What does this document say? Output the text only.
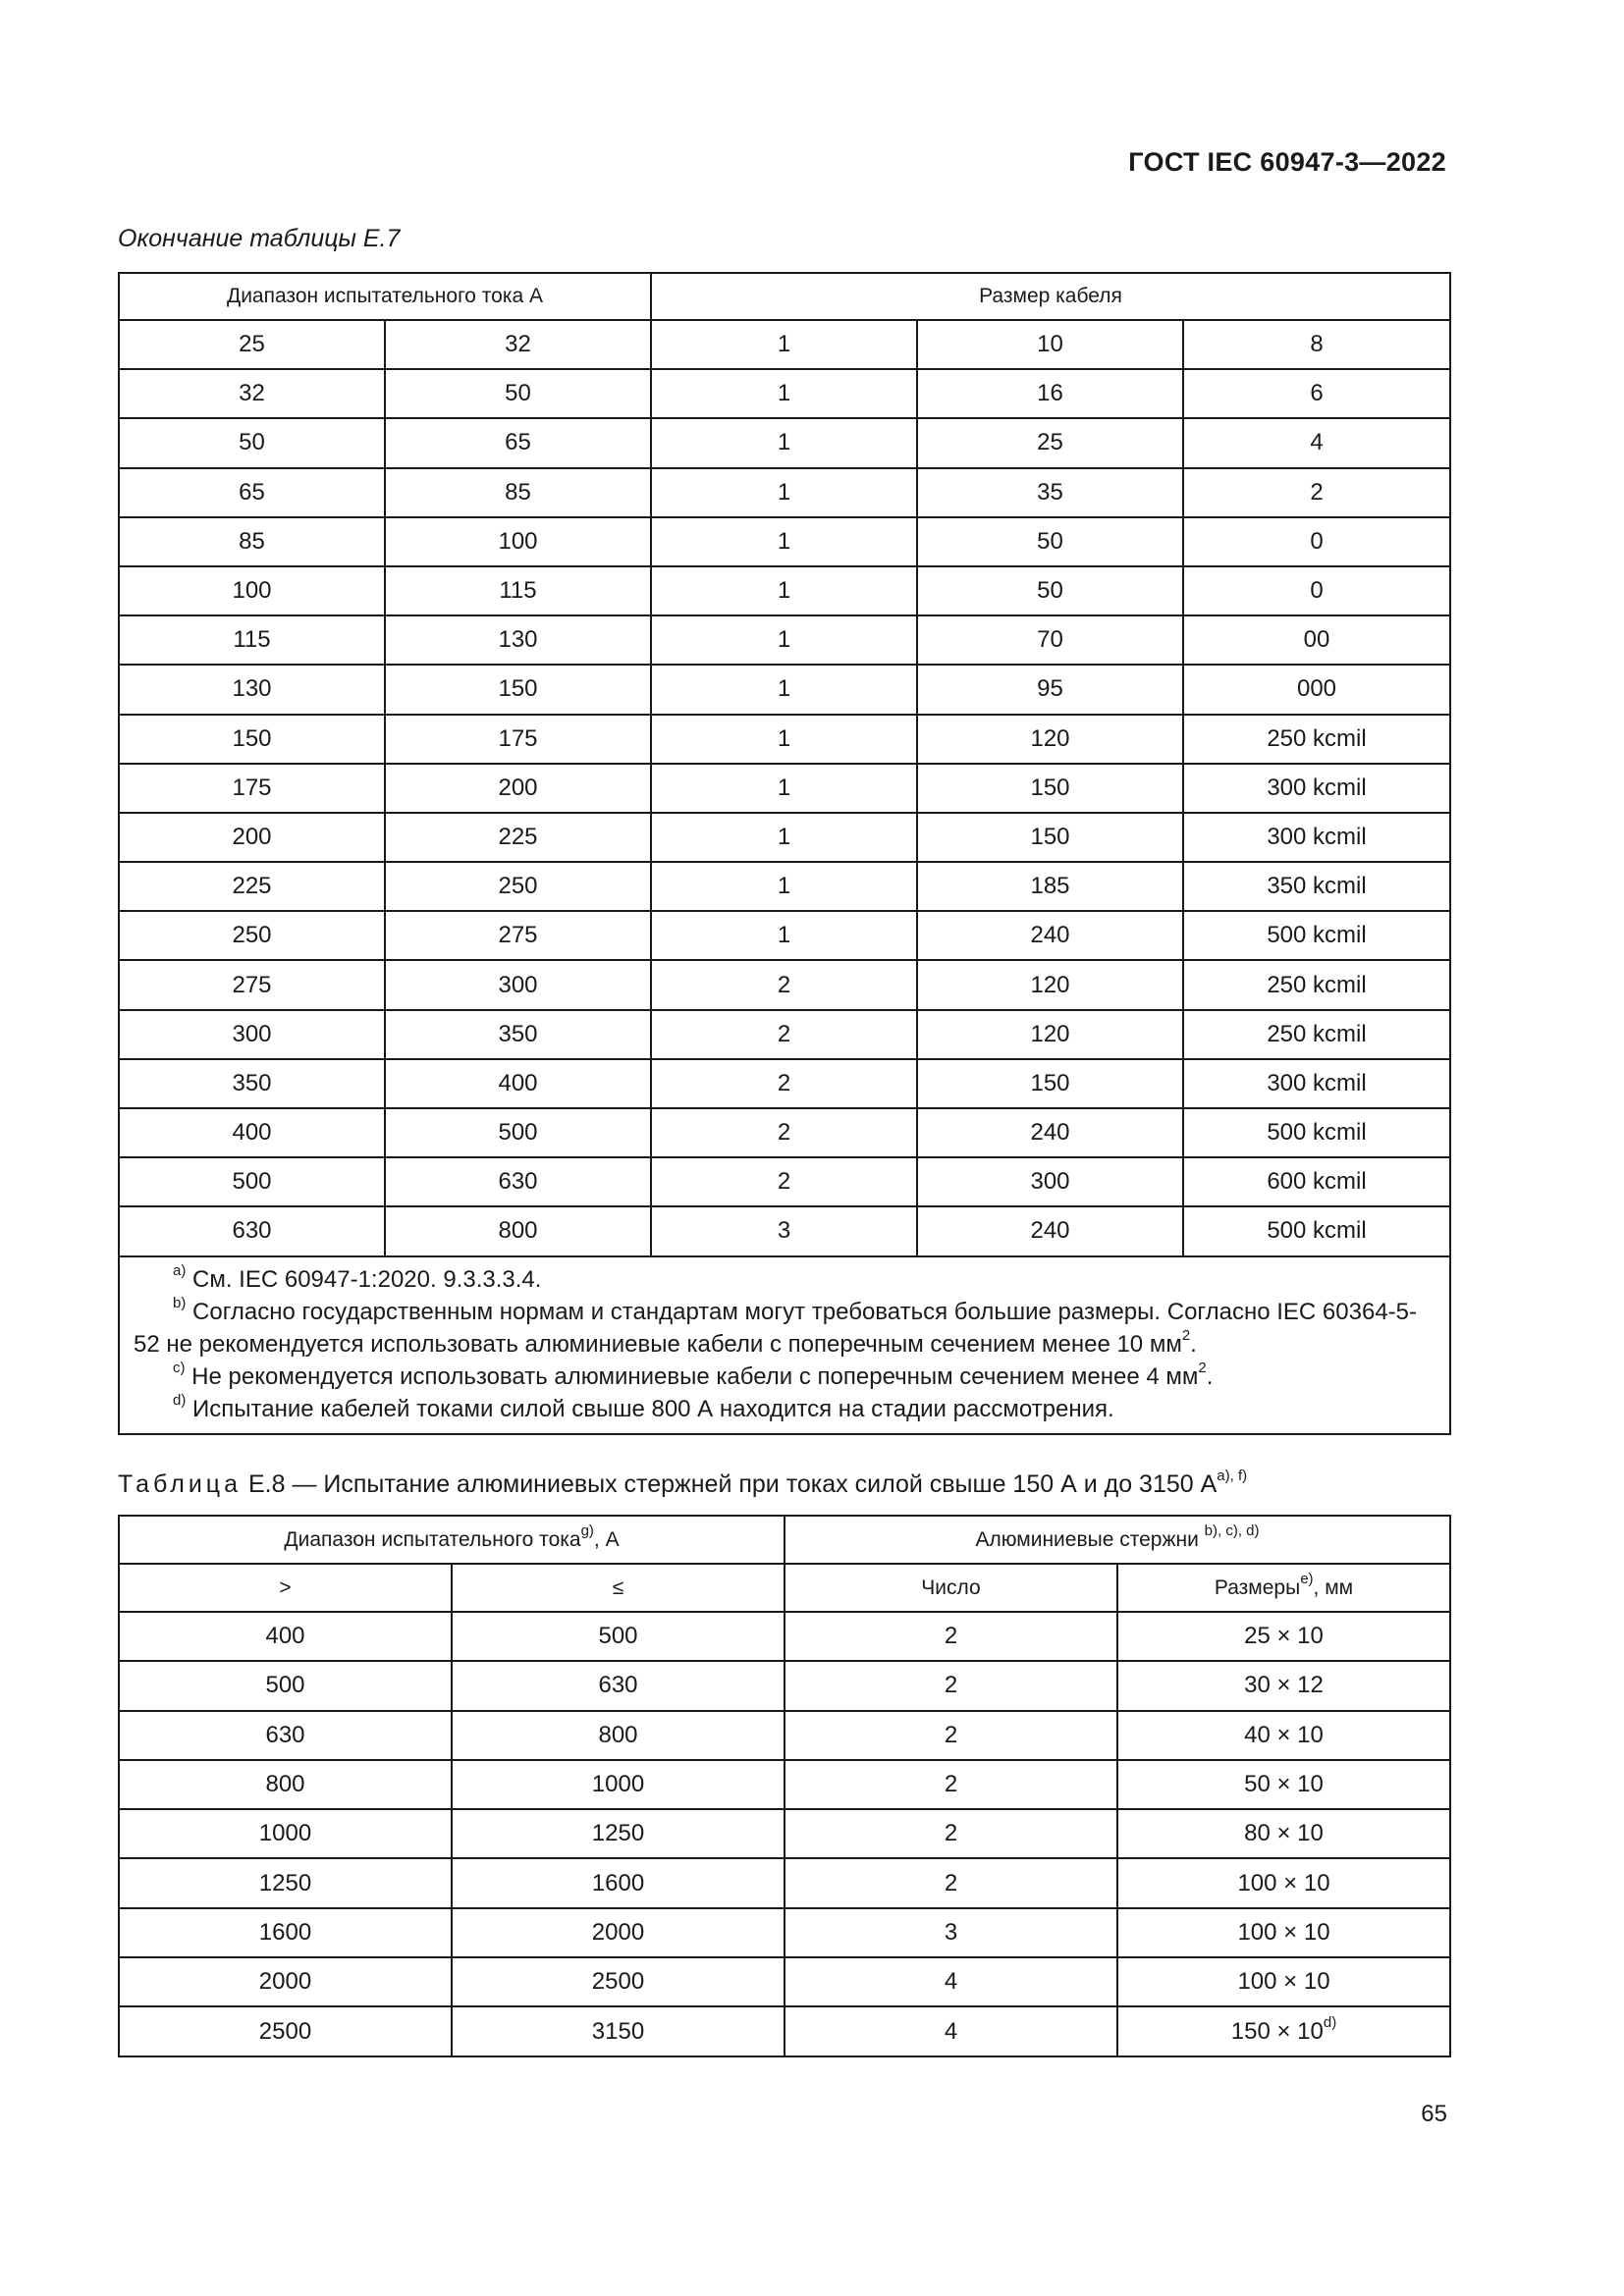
ГОСТ IEC 60947-3—2022
Окончание таблицы Е.7
Диапазон испытательного тока А		Размер кабеля		
25	32	1	10	8
32	50	1	16	6
50	65	1	25	4
65	85	1	35	2
85	100	1	50	0
100	115	1	50	0
115	130	1	70	00
130	150	1	95	000
150	175	1	120	250 kcmil
175	200	1	150	300 kcmil
200	225	1	150	300 kcmil
225	250	1	185	350 kcmil
250	275	1	240	500 kcmil
275	300	2	120	250 kcmil
300	350	2	120	250 kcmil
350	400	2	150	300 kcmil
400	500	2	240	500 kcmil
500	630	2	300	600 kcmil
630	800	3	240	500 kcmil

$^{a)}$ См. IEC 60947-1:2020. 9.3.3.3.4.

$^{b)}$ Согласно государственным нормам и стандартам могут требоваться большие размеры. Согласно IEC 60364-5-52 не рекомендуется использовать алюминиевые кабели с поперечным сечением менее 10 $мм^2$.

$^{c)}$ Не рекомендуется использовать алюминиевые кабели с поперечным сечением менее 4 $мм^2$.

$^{d)}$ Испытание кабелей токами силой свыше 800 А находится на стадии рассмотрения.				

Таблица Е.8 — Испытание алюминиевых стержней при токах силой свыше 150 А и до 3150 $А^{a), f)}$
Диапазон испытательного тока$^{g)}$, А		Алюминиевые стержни $^{b), c), d)}$
>	≤	Число	Размеры$^{e)}$, мм
400	500	2	25 × 10
500	630	2	30 × 12
630	800	2	40 × 10
800	1000	2	50 × 10
1000	1250	2	80 × 10
1250	1600	2	100 × 10
1600	2000	3	100 × 10
2000	2500	4	100 × 10
2500	3150	4	$150 \times 10^{d)}$
65
